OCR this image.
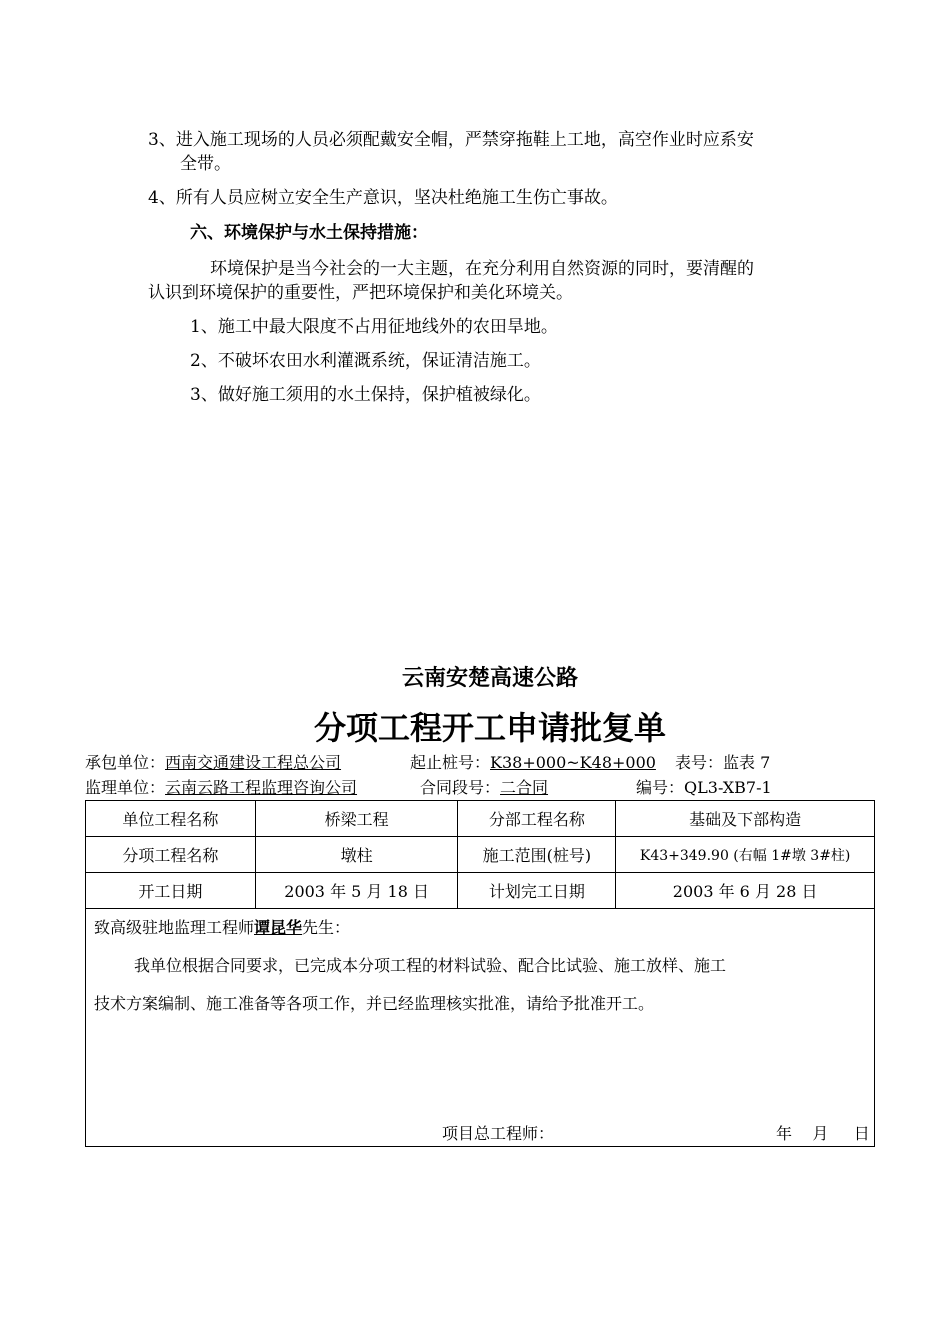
3、进入施工现场的人员必须配戴安全帽，严禁穿拖鞋上工地，高空作业时应系安
全带。
4、所有人员应树立安全生产意识，坚决杜绝施工生伤亡事故。
六、环境保护与水土保持措施：
环境保护是当今社会的一大主题，在充分利用自然资源的同时，要清醒的
认识到环境保护的重要性，严把环境保护和美化环境关。
1、施工中最大限度不占用征地线外的农田旱地。
2、不破坏农田水利灌溉系统，保证清洁施工。
3、做好施工须用的水土保持，保护植被绿化。
云南安楚高速公路
分项工程开工申请批复单
承包单位：西南交通建设工程总公司	起止桩号：K38+000~K48+000 表号：监表 7
监理单位：云南云路工程监理咨询公司	合同段号：二合同	编号：QL3-XB7-1
单位工程名称	桥梁工程	分部工程名称	基础及下部构造
分项工程名称	墩柱	施工范围(桩号)	K43+349.90 (右幅 1#墩 3#柱)
开工日期	2003 年 5 月 18 日	计划完工日期	2003 年 6 月 28 日

致高级驻地监理工程师谭昆华先生：
我单位根据合同要求，已完成本分项工程的材料试验、配合比试验、施工放样、施工
技术方案编制、施工准备等各项工作，并已经监理核实批准，请给予批准开工。
项目总工程师： 年    月     日			
